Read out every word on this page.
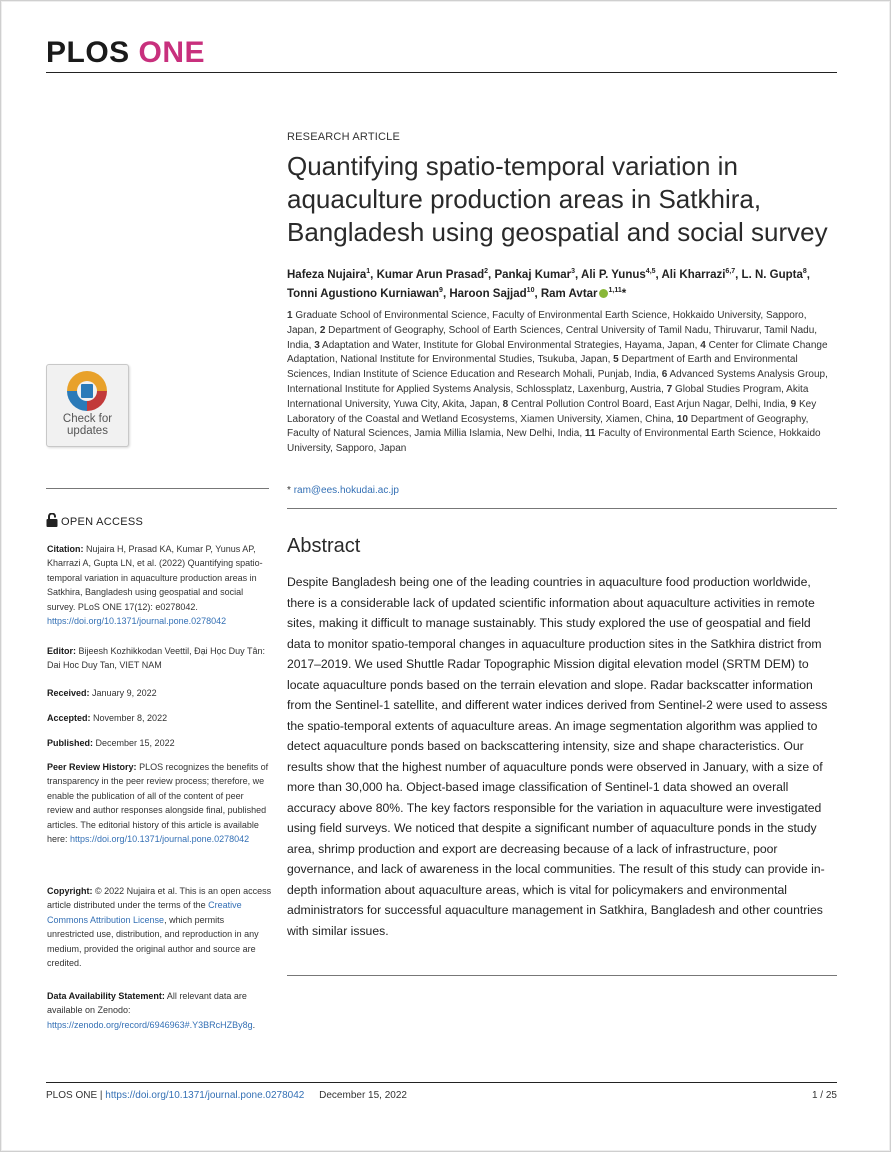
PLOS ONE
RESEARCH ARTICLE
Quantifying spatio-temporal variation in aquaculture production areas in Satkhira, Bangladesh using geospatial and social survey
Hafeza Nujaira$^1$, Kumar Arun Prasad$^2$, Pankaj Kumar$^3$, Ali P. Yunus$^{4,5}$, Ali Kharrazi$^{6,7}$, L. N. Gupta$^8$, Tonni Agustiono Kurniawan$^9$, Haroon Sajjad$^{10}$, Ram Avtar $^{1,11}$*
1 Graduate School of Environmental Science, Faculty of Environmental Earth Science, Hokkaido University, Sapporo, Japan, 2 Department of Geography, School of Earth Sciences, Central University of Tamil Nadu, Thiruvarur, Tamil Nadu, India, 3 Adaptation and Water, Institute for Global Environmental Strategies, Hayama, Japan, 4 Center for Climate Change Adaptation, National Institute for Environmental Studies, Tsukuba, Japan, 5 Department of Earth and Environmental Sciences, Indian Institute of Science Education and Research Mohali, Punjab, India, 6 Advanced Systems Analysis Group, International Institute for Applied Systems Analysis, Schlossplatz, Laxenburg, Austria, 7 Global Studies Program, Akita International University, Yuwa City, Akita, Japan, 8 Central Pollution Control Board, East Arjun Nagar, Delhi, India, 9 Key Laboratory of the Coastal and Wetland Ecosystems, Xiamen University, Xiamen, China, 10 Department of Geography, Faculty of Natural Sciences, Jamia Millia Islamia, New Delhi, India, 11 Faculty of Environmental Earth Science, Hokkaido University, Sapporo, Japan
* ram@ees.hokudai.ac.jp
Check for
updates
OPEN ACCESS
Citation: Nujaira H, Prasad KA, Kumar P, Yunus AP, Kharrazi A, Gupta LN, et al. (2022) Quantifying spatio-temporal variation in aquaculture production areas in Satkhira, Bangladesh using geospatial and social survey. PLoS ONE 17(12): e0278042. https://doi.org/10.1371/journal.pone.0278042
Editor: Bijeesh Kozhikkodan Veettil, Đại Học Duy Tân: Dai Hoc Duy Tan, VIET NAM
Received: January 9, 2022
Accepted: November 8, 2022
Published: December 15, 2022
Peer Review History: PLOS recognizes the benefits of transparency in the peer review process; therefore, we enable the publication of all of the content of peer review and author responses alongside final, published articles. The editorial history of this article is available here: https://doi.org/10.1371/journal.pone.0278042
Copyright: © 2022 Nujaira et al. This is an open access article distributed under the terms of the Creative Commons Attribution License, which permits unrestricted use, distribution, and reproduction in any medium, provided the original author and source are credited.
Data Availability Statement: All relevant data are available on Zenodo: https://zenodo.org/record/6946963#.Y3BRcHZBy8g.
Abstract
Despite Bangladesh being one of the leading countries in aquaculture food production worldwide, there is a considerable lack of updated scientific information about aquaculture activities in remote sites, making it difficult to manage sustainably. This study explored the use of geospatial and field data to monitor spatio-temporal changes in aquaculture production sites in the Satkhira district from 2017–2019. We used Shuttle Radar Topographic Mission digital elevation model (SRTM DEM) to locate aquaculture ponds based on the terrain elevation and slope. Radar backscatter information from the Sentinel-1 satellite, and different water indices derived from Sentinel-2 were used to assess the spatio-temporal extents of aquaculture areas. An image segmentation algorithm was applied to detect aquaculture ponds based on backscattering intensity, size and shape characteristics. Our results show that the highest number of aquaculture ponds were observed in January, with a size of more than 30,000 ha. Object-based image classification of Sentinel-1 data showed an overall accuracy above 80%. The key factors responsible for the variation in aquaculture were investigated using field surveys. We noticed that despite a significant number of aquaculture ponds in the study area, shrimp production and export are decreasing because of a lack of infrastructure, poor governance, and lack of awareness in the local communities. The result of this study can provide in-depth information about aquaculture areas, which is vital for policymakers and environmental administrators for successful aquaculture management in Satkhira, Bangladesh and other countries with similar issues.
PLOS ONE | https://doi.org/10.1371/journal.pone.0278042 December 15, 2022	1 / 25
